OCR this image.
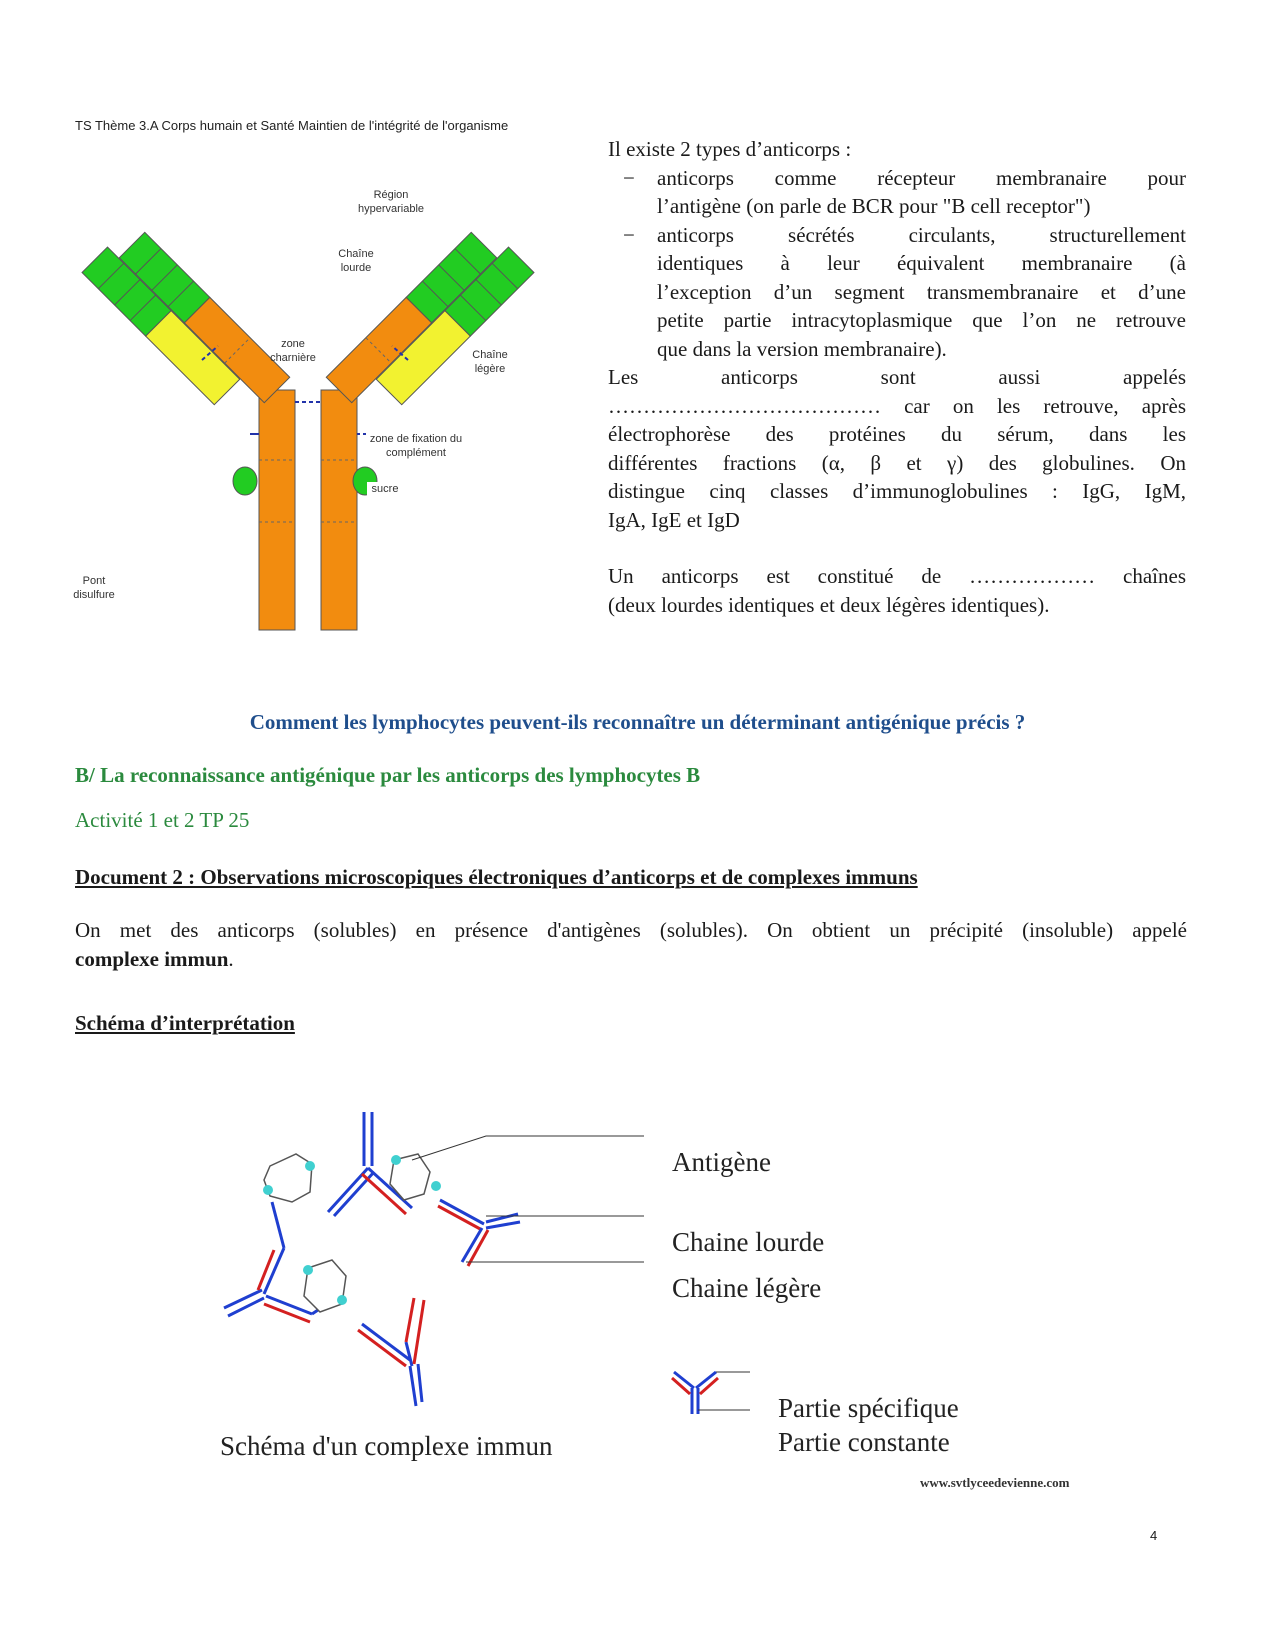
TS Thème 3.A Corps humain et Santé Maintien de l'intégrité de l'organisme
Région hypervariable
Chaîne lourde
zone charnière	Chaîne légère
zone de fixation du complément
sucre
Pont disulfure
Il existe 2 types d’anticorps :
− anticorps comme récepteur membranaire pour
l’antigène (on parle de BCR pour "B cell receptor")
− anticorps sécrétés circulants, structurellement
identiques à leur équivalent membranaire (à
l’exception d’un segment transmembranaire et d’une
petite partie intracytoplasmique que l’on ne retrouve
que dans la version membranaire).
Les anticorps sont aussi appelés
………………………………… car on les retrouve, après
électrophorèse des protéines du sérum, dans les
différentes fractions (α, β et γ) des globulines. On
distingue cinq classes d’immunoglobulines : IgG, IgM,
IgA, IgE et IgD
Un anticorps est constitué de ……………… chaînes
(deux lourdes identiques et deux légères identiques).
Comment les lymphocytes peuvent-ils reconnaître un déterminant antigénique précis ?
B/ La reconnaissance antigénique par les anticorps des lymphocytes B
Activité 1 et 2 TP 25
Document 2 : Observations microscopiques électroniques d’anticorps et de complexes immuns
On met des anticorps (solubles) en présence d'antigènes (solubles). On obtient un précipité (insoluble) appelé
complexe immun.
Schéma d’interprétation
Antigène
Chaine lourde
Chaine légère
Schéma d'un complexe immun
Partie spécifique
Partie constante
www.svtlyceedevienne.com
4
